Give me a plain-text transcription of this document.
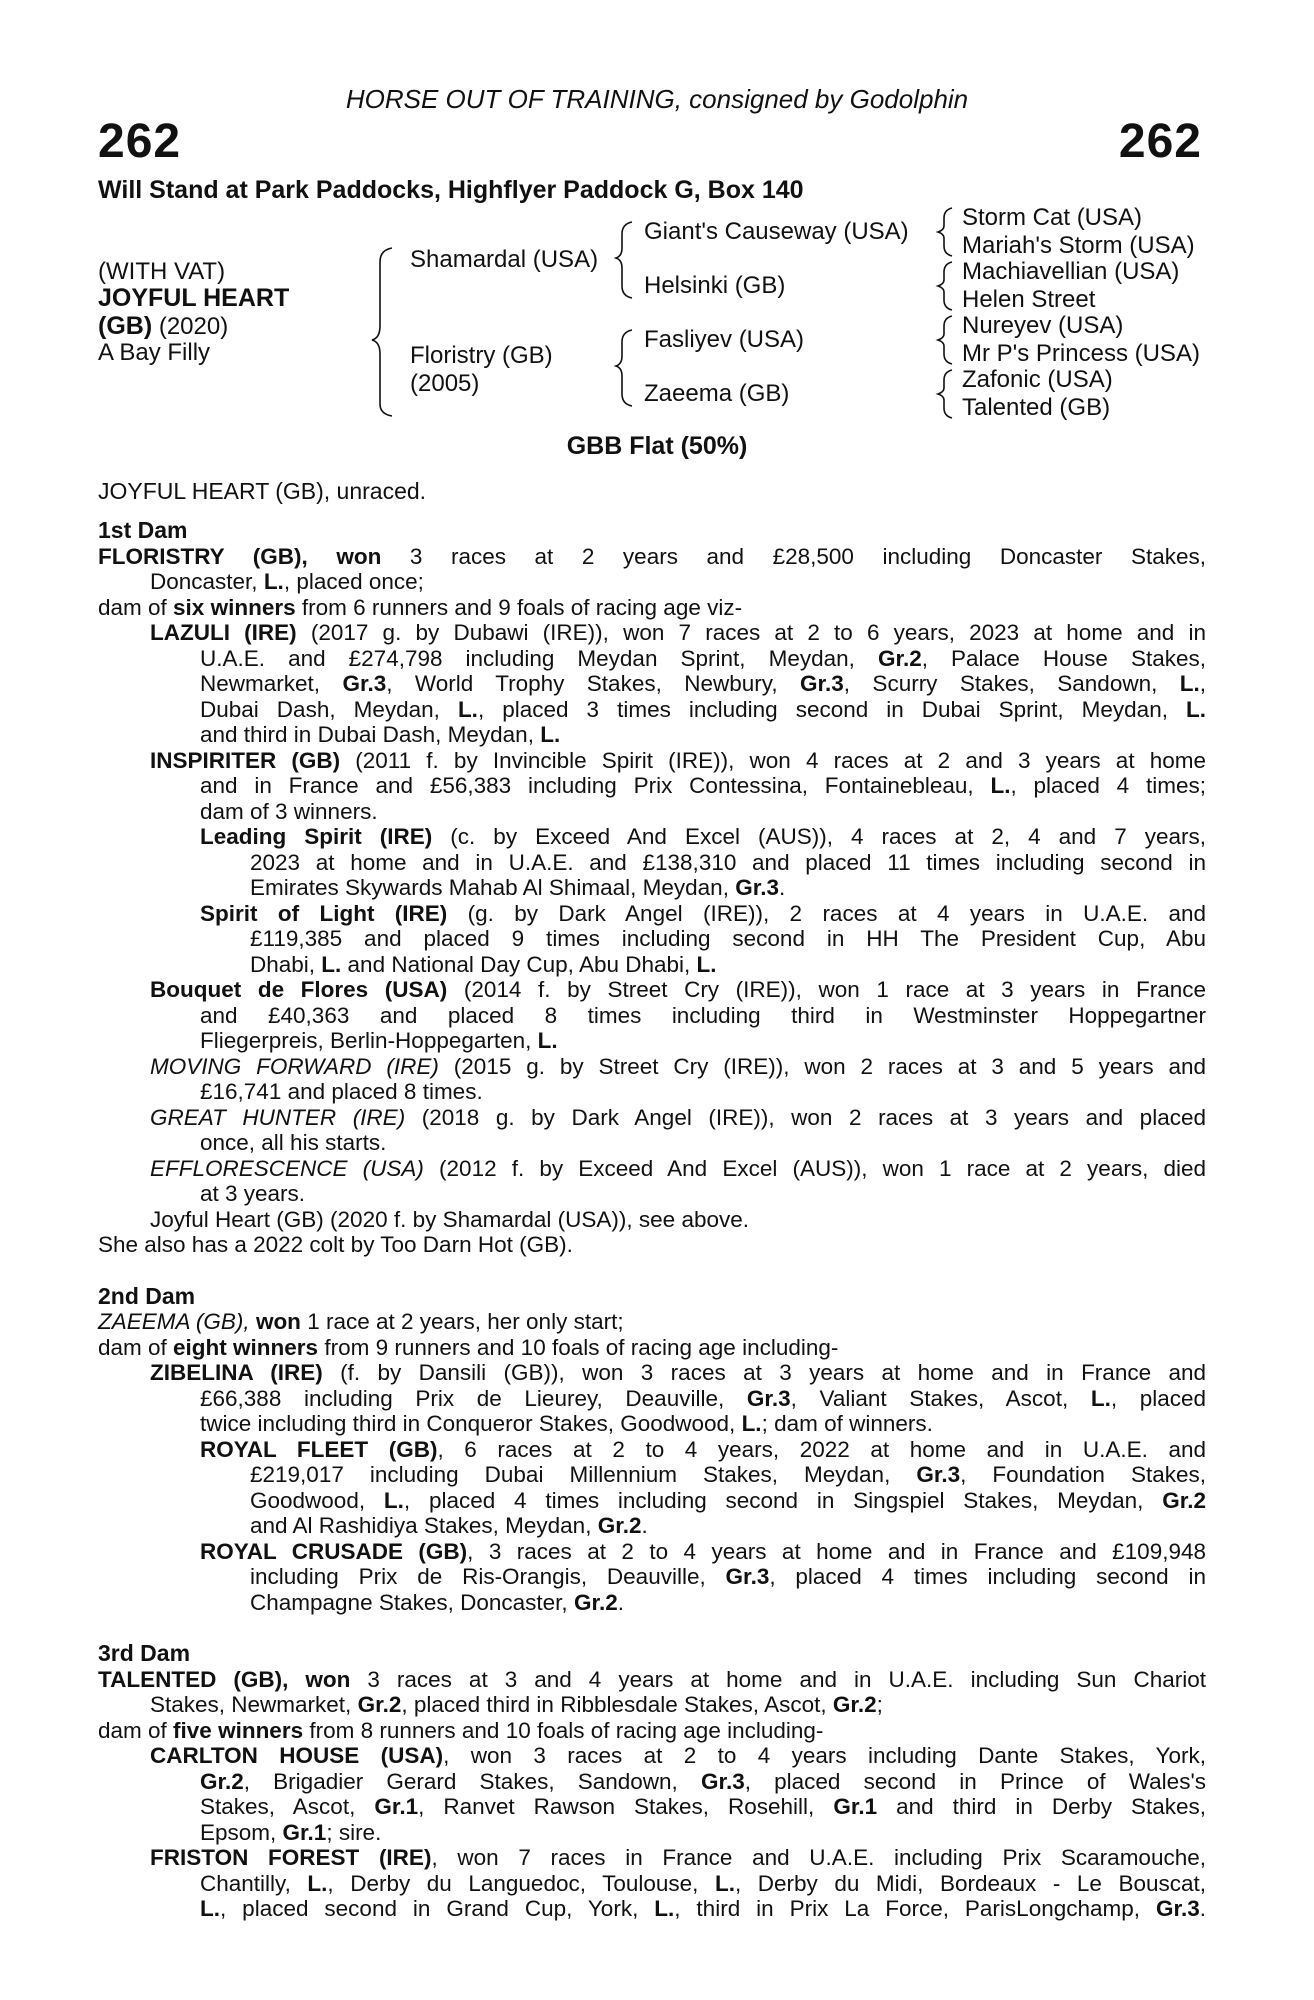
HORSE OUT OF TRAINING, consigned by Godolphin
262	262
Will Stand at Park Paddocks, Highflyer Paddock G, Box 140
(WITH VAT)
JOYFUL HEART
(GB) (2020)
A Bay Filly
Shamardal (USA)
Floristry (GB)
(2005)
Giant's Causeway (USA)
Helsinki (GB)
Fasliyev (USA)
Zaeema (GB)
Storm Cat (USA)
Mariah's Storm (USA)
Machiavellian (USA)
Helen Street
Nureyev (USA)
Mr P's Princess (USA)
Zafonic (USA)
Talented (GB)
GBB Flat (50%)
JOYFUL HEART (GB), unraced.
1st Dam
FLORISTRY (GB), won 3 races at 2 years and £28,500 including Doncaster Stakes,
Doncaster, L., placed once;
dam of six winners from 6 runners and 9 foals of racing age viz-
LAZULI (IRE) (2017 g. by Dubawi (IRE)), won 7 races at 2 to 6 years, 2023 at home and in
U.A.E. and £274,798 including Meydan Sprint, Meydan, Gr.2, Palace House Stakes,
Newmarket, Gr.3, World Trophy Stakes, Newbury, Gr.3, Scurry Stakes, Sandown, L.,
Dubai Dash, Meydan, L., placed 3 times including second in Dubai Sprint, Meydan, L.
and third in Dubai Dash, Meydan, L.
INSPIRITER (GB) (2011 f. by Invincible Spirit (IRE)), won 4 races at 2 and 3 years at home
and in France and £56,383 including Prix Contessina, Fontainebleau, L., placed 4 times;
dam of 3 winners.
Leading Spirit (IRE) (c. by Exceed And Excel (AUS)), 4 races at 2, 4 and 7 years,
2023 at home and in U.A.E. and £138,310 and placed 11 times including second in
Emirates Skywards Mahab Al Shimaal, Meydan, Gr.3.
Spirit of Light (IRE) (g. by Dark Angel (IRE)), 2 races at 4 years in U.A.E. and
£119,385 and placed 9 times including second in HH The President Cup, Abu
Dhabi, L. and National Day Cup, Abu Dhabi, L.
Bouquet de Flores (USA) (2014 f. by Street Cry (IRE)), won 1 race at 3 years in France
and £40,363 and placed 8 times including third in Westminster Hoppegartner
Fliegerpreis, Berlin-Hoppegarten, L.
MOVING FORWARD (IRE) (2015 g. by Street Cry (IRE)), won 2 races at 3 and 5 years and
£16,741 and placed 8 times.
GREAT HUNTER (IRE) (2018 g. by Dark Angel (IRE)), won 2 races at 3 years and placed
once, all his starts.
EFFLORESCENCE (USA) (2012 f. by Exceed And Excel (AUS)), won 1 race at 2 years, died
at 3 years.
Joyful Heart (GB) (2020 f. by Shamardal (USA)), see above.
She also has a 2022 colt by Too Darn Hot (GB).
2nd Dam
ZAEEMA (GB), won 1 race at 2 years, her only start;
dam of eight winners from 9 runners and 10 foals of racing age including-
ZIBELINA (IRE) (f. by Dansili (GB)), won 3 races at 3 years at home and in France and
£66,388 including Prix de Lieurey, Deauville, Gr.3, Valiant Stakes, Ascot, L., placed
twice including third in Conqueror Stakes, Goodwood, L.; dam of winners.
ROYAL FLEET (GB), 6 races at 2 to 4 years, 2022 at home and in U.A.E. and
£219,017 including Dubai Millennium Stakes, Meydan, Gr.3, Foundation Stakes,
Goodwood, L., placed 4 times including second in Singspiel Stakes, Meydan, Gr.2
and Al Rashidiya Stakes, Meydan, Gr.2.
ROYAL CRUSADE (GB), 3 races at 2 to 4 years at home and in France and £109,948
including Prix de Ris-Orangis, Deauville, Gr.3, placed 4 times including second in
Champagne Stakes, Doncaster, Gr.2.
3rd Dam
TALENTED (GB), won 3 races at 3 and 4 years at home and in U.A.E. including Sun Chariot
Stakes, Newmarket, Gr.2, placed third in Ribblesdale Stakes, Ascot, Gr.2;
dam of five winners from 8 runners and 10 foals of racing age including-
CARLTON HOUSE (USA), won 3 races at 2 to 4 years including Dante Stakes, York,
Gr.2, Brigadier Gerard Stakes, Sandown, Gr.3, placed second in Prince of Wales's
Stakes, Ascot, Gr.1, Ranvet Rawson Stakes, Rosehill, Gr.1 and third in Derby Stakes,
Epsom, Gr.1; sire.
FRISTON FOREST (IRE), won 7 races in France and U.A.E. including Prix Scaramouche,
Chantilly, L., Derby du Languedoc, Toulouse, L., Derby du Midi, Bordeaux - Le Bouscat,
L., placed second in Grand Cup, York, L., third in Prix La Force, ParisLongchamp, Gr.3.
